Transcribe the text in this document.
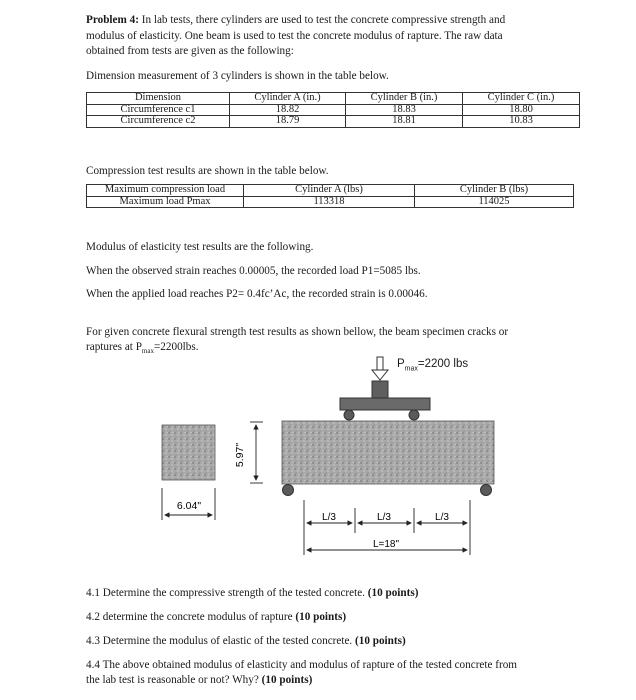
Problem 4: In lab tests, there cylinders are used to test the concrete compressive strength and
modulus of elasticity. One beam is used to test the concrete modulus of rapture. The raw data
obtained from tests are given as the following:
Dimension measurement of 3 cylinders is shown in the table below.
Dimension	Cylinder A (in.)	Cylinder B (in.)	Cylinder C (in.)
Circumference c1	18.82	18.83	18.80
Circumference c2	18.79	18.81	10.83
Compression test results are shown in the table below.
Maximum compression load	Cylinder A (lbs)	Cylinder B (lbs)
Maximum load Pmax	113318	114025
Modulus of elasticity test results are the following.
When the observed strain reaches 0.00005, the recorded load P1=5085 lbs.
When the applied load reaches P2= 0.4fc’Ac, the recorded strain is 0.00046.
For given concrete flexural strength test results as shown bellow, the beam specimen cracks or
raptures at $P_{max}=2200lbs$.
5.97"
6.04"
L/3	L/3	L/3
L=18"
$P_{max}=2200$ lbs
4.1 Determine the compressive strength of the tested concrete. (10 points)
4.2 determine the concrete modulus of rapture (10 points)
4.3 Determine the modulus of elastic of the tested concrete. (10 points)
4.4 The above obtained modulus of elasticity and modulus of rapture of the tested concrete from
the lab test is reasonable or not? Why? (10 points)
